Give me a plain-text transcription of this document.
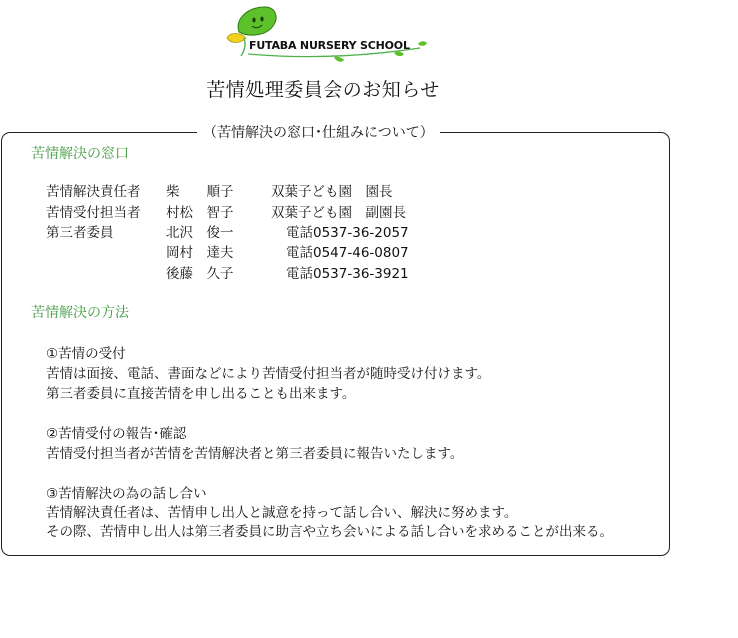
FUTABA NURSERY SCHOOL
苦情処理委員会のお知らせ
（苦情解決の窓口･仕組みについて）
苦情解決の窓口
苦情解決責任者 柴　　順子	双葉子ども園　園長
苦情受付担当者 村松　智子	双葉子ども園　副園長
第三者委員	北沢　俊一	電話0537-36-2057
岡村　達夫	電話0547-46-0807
後藤　久子	電話0537-36-3921
苦情解決の方法
①苦情の受付
苦情は面接、電話、書面などにより苦情受付担当者が随時受け付けます。
第三者委員に直接苦情を申し出ることも出来ます。
②苦情受付の報告･確認
苦情受付担当者が苦情を苦情解決者と第三者委員に報告いたします。
③苦情解決の為の話し合い
苦情解決責任者は、苦情申し出人と誠意を持って話し合い、解決に努めます。
その際、苦情申し出人は第三者委員に助言や立ち会いによる話し合いを求めることが出来る。
